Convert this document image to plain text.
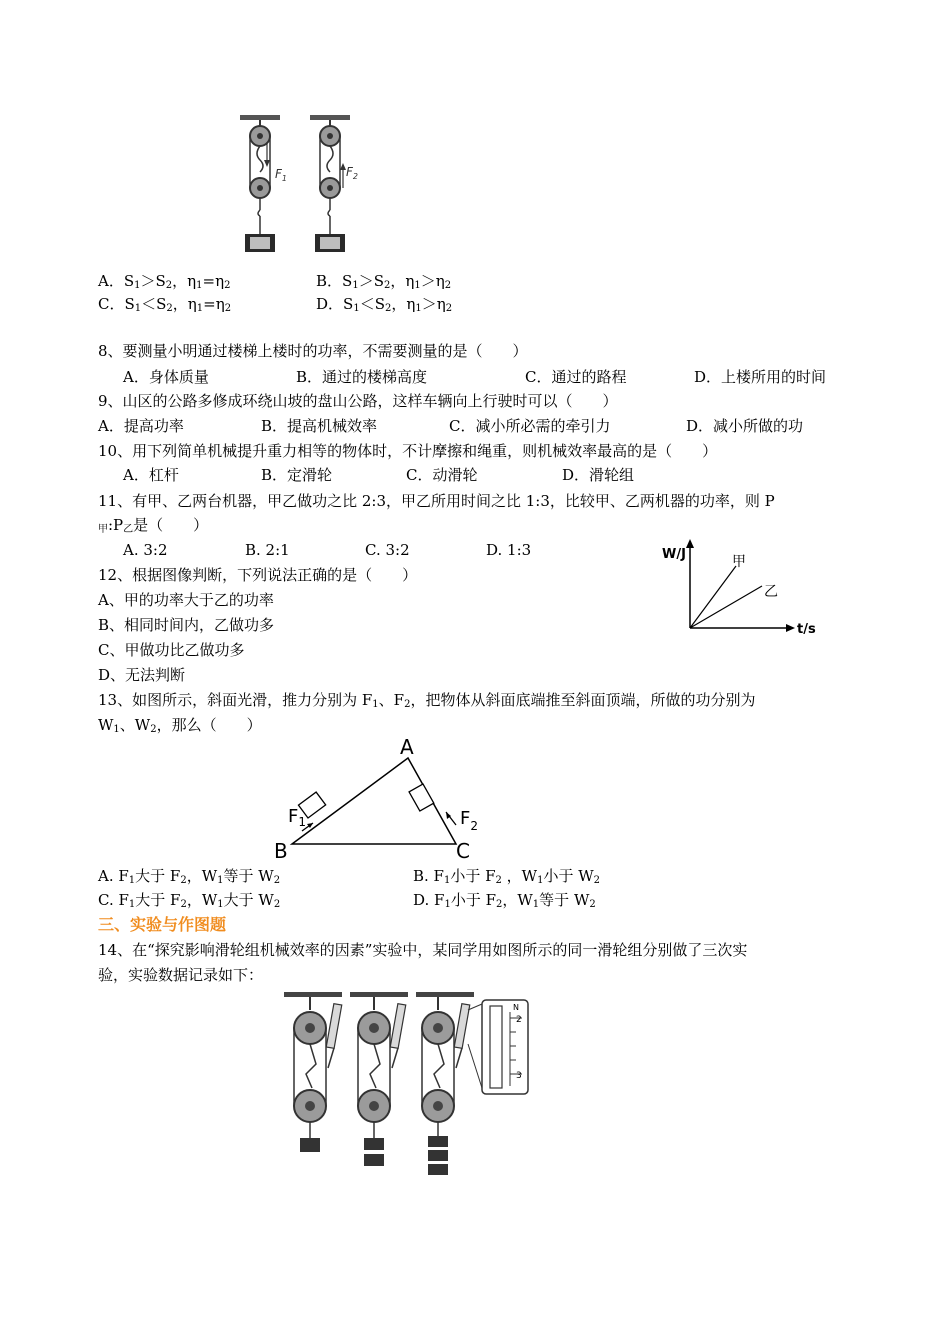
$F_1$	$F_2$
A．$S_1>S_2$，$\eta_1=\eta_2$	B．$S_1>S_2$，$\eta_1>\eta_2$
C．$S_1<S_2$，$\eta_1=\eta_2$	D．$S_1<S_2$，$\eta_1>\eta_2$
8、要测量小明通过楼梯上楼时的功率，不需要测量的是（　　）
A．身体质量	B．通过的楼梯高度	C．通过的路程	D．上楼所用的时间
9、山区的公路多修成环绕山坡的盘山公路，这样车辆向上行驶时可以（　　）
A．提高功率	B．提高机械效率	C．减小所必需的牵引力	D．减小所做的功
10、用下列简单机械提升重力相等的物体时，不计摩擦和绳重，则机械效率最高的是（　　）
A．杠杆	B．定滑轮	C．动滑轮	D．滑轮组
11、有甲、乙两台机器，甲乙做功之比 2:3，甲乙所用时间之比 1:3，比较甲、乙两机器的功率，则 P
$_甲:P_乙$是（　　）
A. 3:2	B. 2:1	C. 3:2	D. 1:3	W/J
t/s
甲
乙
12、根据图像判断，下列说法正确的是（　　）
A、甲的功率大于乙的功率
B、相同时间内，乙做功多
C、甲做功比乙做功多
D、无法判断
13、如图所示，斜面光滑，推力分别为 $F_1$、$F_2$，把物体从斜面底端推至斜面顶端，所做的功分别为
$W_1$、$W_2$，那么（　　）
A
B	C
$F_1$	$F_2$
A. $F_1$大于 $F_2$，$W_1$等于 $W_2$	B. $F_1$小于 $F_2$ ，$W_1$小于 $W_2$
C. $F_1$大于 $F_2$，$W_1$大于 $W_2$	D. $F_1$小于 $F_2$，$W_1$等于 $W_2$
三、实验与作图题
14、在“探究影响滑轮组机械效率的因素”实验中，某同学用如图所示的同一滑轮组分别做了三次实
验，实验数据记录如下：
N
2
3
